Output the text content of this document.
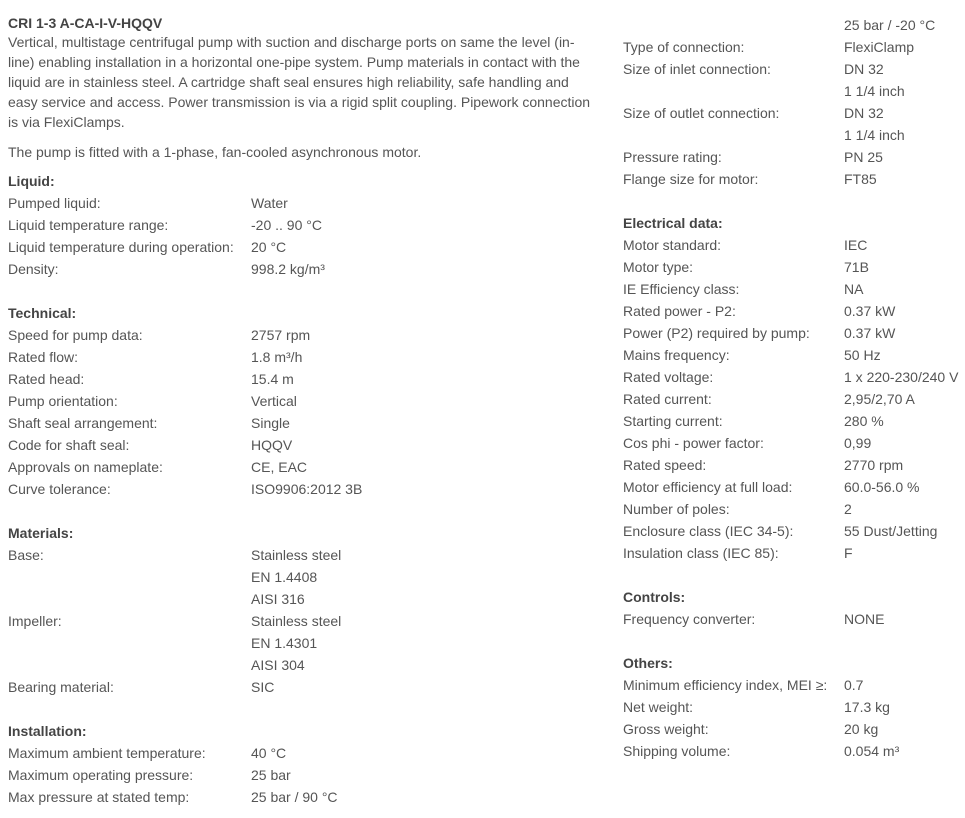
CRI 1-3 A-CA-I-V-HQQV
Vertical, multistage centrifugal pump with suction and discharge ports on same the level (in-line) enabling installation in a horizontal one-pipe system. Pump materials in contact with the liquid are in stainless steel. A cartridge shaft seal ensures high reliability, safe handling and easy service and access. Power transmission is via a rigid split coupling. Pipework connection is via FlexiClamps.
The pump is fitted with a 1-phase, fan-cooled asynchronous motor.
Liquid:
Pumped liquid:	Water
Liquid temperature range:	-20 .. 90 °C
Liquid temperature during operation:	20 °C
Density:	998.2 kg/m³
Technical:
Speed for pump data:	2757 rpm
Rated flow:	1.8 m³/h
Rated head:	15.4 m
Pump orientation:	Vertical
Shaft seal arrangement:	Single
Code for shaft seal:	HQQV
Approvals on nameplate:	CE, EAC
Curve tolerance:	ISO9906:2012 3B
Materials:
Base:	Stainless steel
EN 1.4408
AISI 316
Impeller:	Stainless steel
EN 1.4301
AISI 304
Bearing material:	SIC
Installation:
Maximum ambient temperature:	40 °C
Maximum operating pressure:	25 bar
Max pressure at stated temp:	25 bar / 90 °C
25 bar / -20 °C
Type of connection:	FlexiClamp
Size of inlet connection:	DN 32
1 1/4 inch
Size of outlet connection:	DN 32
1 1/4 inch
Pressure rating:	PN 25
Flange size for motor:	FT85
Electrical data:
Motor standard:	IEC
Motor type:	71B
IE Efficiency class:	NA
Rated power - P2:	0.37 kW
Power (P2) required by pump:	0.37 kW
Mains frequency:	50 Hz
Rated voltage:	1 x 220-230/240 V
Rated current:	2,95/2,70 A
Starting current:	280 %
Cos phi - power factor:	0,99
Rated speed:	2770 rpm
Motor efficiency at full load:	60.0-56.0 %
Number of poles:	2
Enclosure class (IEC 34-5):	55 Dust/Jetting
Insulation class (IEC 85):	F
Controls:
Frequency converter:	NONE
Others:
Minimum efficiency index, MEI ≥:	0.7
Net weight:	17.3 kg
Gross weight:	20 kg
Shipping volume:	0.054 m³
